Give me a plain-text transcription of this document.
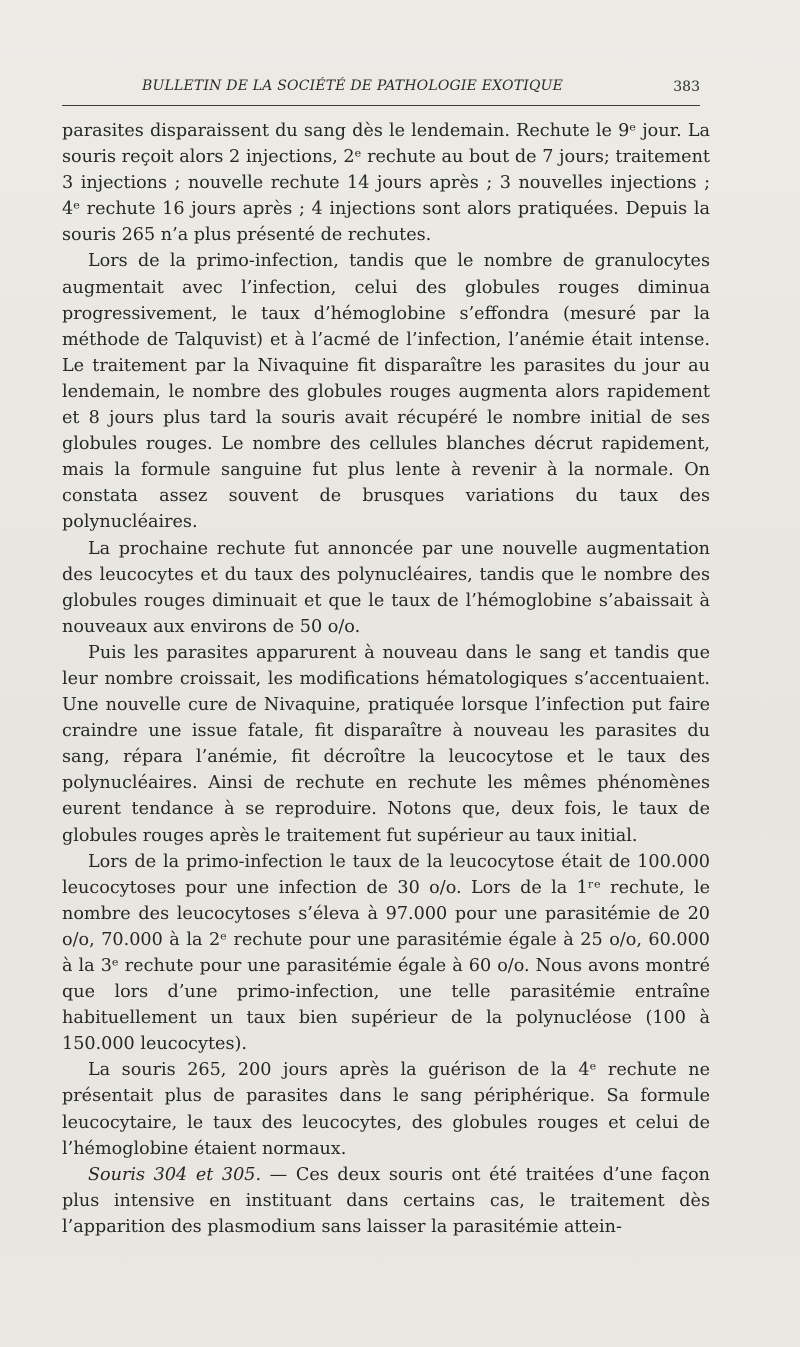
BULLETIN DE LA SOCIÉTÉ DE PATHOLOGIE EXOTIQUE	383

parasites disparaissent du sang dès le lendemain. Rechute le 9ᵉ jour. La souris reçoit alors 2 injections, 2ᵉ rechute au bout de 7 jours; traitement 3 injections ; nouvelle rechute 14 jours après ; 3 nouvelles injections ; 4ᵉ rechute 16 jours après ; 4 injections sont alors pratiquées. Depuis la souris 265 n’a plus présenté de rechutes.

Lors de la primo-infection, tandis que le nombre de granulocytes augmentait avec l’infection, celui des globules rouges diminua progressivement, le taux d’hémoglobine s’effondra (mesuré par la méthode de Talquvist) et à l’acmé de l’infection, l’anémie était intense. Le traitement par la Nivaquine fit disparaître les parasites du jour au lendemain, le nombre des globules rouges augmenta alors rapidement et 8 jours plus tard la souris avait récupéré le nombre initial de ses globules rouges. Le nombre des cellules blanches décrut rapidement, mais la formule sanguine fut plus lente à revenir à la normale. On constata assez souvent de brusques variations du taux des polynucléaires.

La prochaine rechute fut annoncée par une nouvelle augmentation des leucocytes et du taux des polynucléaires, tandis que le nombre des globules rouges diminuait et que le taux de l’hémoglobine s’abaissait à nouveaux aux environs de 50 o/o.

Puis les parasites apparurent à nouveau dans le sang et tandis que leur nombre croissait, les modifications hématologiques s’accentuaient. Une nouvelle cure de Nivaquine, pratiquée lorsque l’infection put faire craindre une issue fatale, fit disparaître à nouveau les parasites du sang, répara l’anémie, fit décroître la leucocytose et le taux des polynucléaires. Ainsi de rechute en rechute les mêmes phénomènes eurent tendance à se reproduire. Notons que, deux fois, le taux de globules rouges après le traitement fut supérieur au taux initial.

Lors de la primo-infection le taux de la leucocytose était de 100.000 leucocytoses pour une infection de 30 o/o. Lors de la 1ʳᵉ rechute, le nombre des leucocytoses s’éleva à 97.000 pour une parasitémie de 20 o/o, 70.000 à la 2ᵉ rechute pour une parasitémie égale à 25 o/o, 60.000 à la 3ᵉ rechute pour une parasitémie égale à 60 o/o. Nous avons montré que lors d’une primo-infection, une telle parasitémie entraîne habituellement un taux bien supérieur de la polynucléose (100 à 150.000 leucocytes).

La souris 265, 200 jours après la guérison de la 4ᵉ rechute ne présentait plus de parasites dans le sang périphérique. Sa formule leucocytaire, le taux des leucocytes, des globules rouges et celui de l’hémoglobine étaient normaux.

Souris 304 et 305. — Ces deux souris ont été traitées d’une façon plus intensive en instituant dans certains cas, le traitement dès l’apparition des plasmodium sans laisser la parasitémie attein-
